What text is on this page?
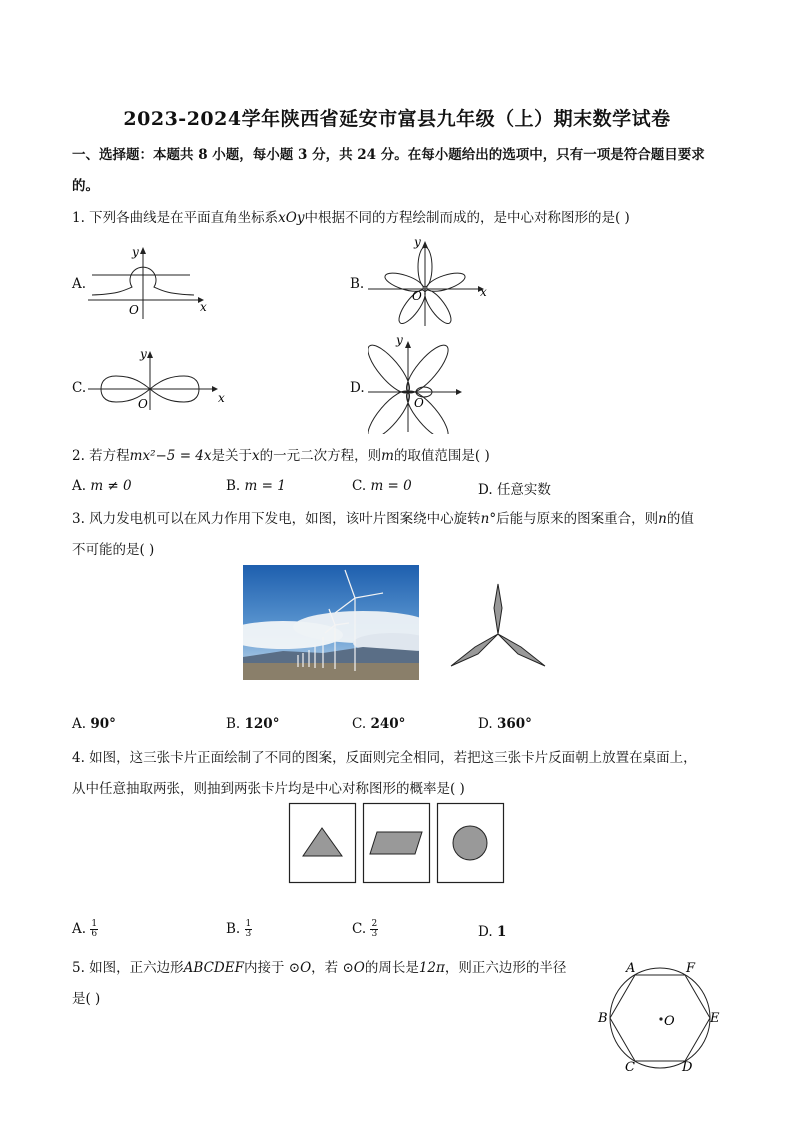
2023-2024学年陕西省延安市富县九年级（上）期末数学试卷
一、选择题：本题共 8 小题，每小题 3 分，共 24 分。在每小题给出的选项中，只有一项是符合题目要求
的。
1. 下列各曲线是在平面直角坐标系xOy中根据不同的方程绘制而成的，是中心对称图形的是( )
A.
x
y
O
B.	x
y
O
C.
x
y
O
D.
y
O
2. 若方程mx²−5 = 4x是关于x的一元二次方程，则m的取值范围是( )
A. m ≠ 0	B. m = 1	C. m = 0	D. 任意实数
3. 风力发电机可以在风力作用下发电，如图，该叶片图案绕中心旋转n°后能与原来的图案重合，则n的值
不可能的是( )
A. 90°	B. 120°	C. 240°	D. 360°
4. 如图，这三张卡片正面绘制了不同的图案，反面则完全相同，若把这三张卡片反面朝上放置在桌面上，
从中任意抽取两张，则抽到两张卡片均是中心对称图形的概率是( )
A. $\frac{1}{6}$	B. $\frac{1}{3}$	C. $\frac{2}{3}$	D. 1
5. 如图，正六边形ABCDEF内接于 ⊙O，若 ⊙O的周长是12π，则正六边形的半径
是( )
A	F
B	E
C	D
O
